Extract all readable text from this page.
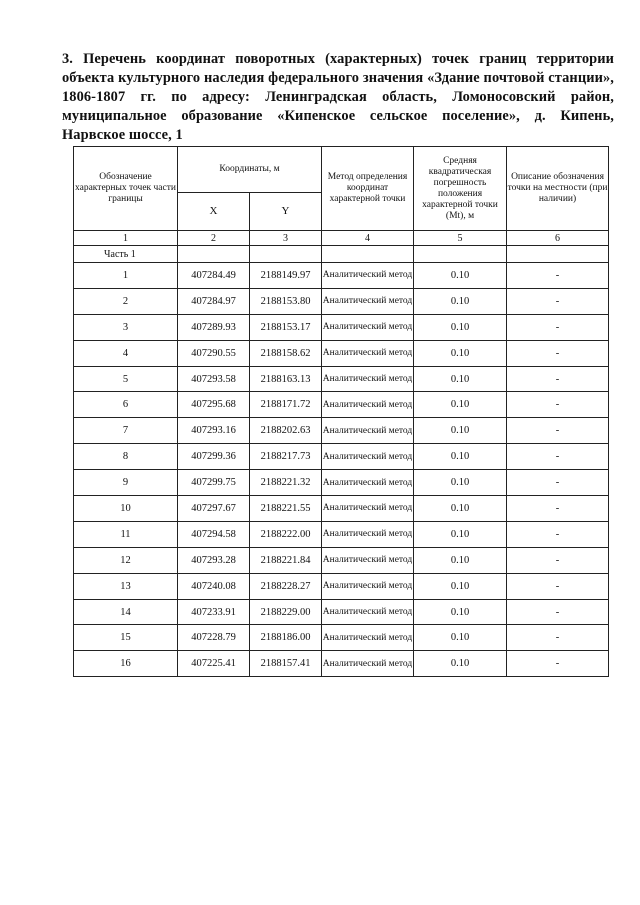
3. Перечень координат поворотных (характерных) точек границ территории объекта культурного наследия федерального значения «Здание почтовой станции», 1806-1807 гг. по адресу: Ленинградская область, Ломоносовский район, муниципальное образование «Кипенское сельское поселение», д. Кипень, Нарвское шоссе, 1
Обозначение характерных точек части границы	Координаты, м		Метод определения координат характерной точки	Средняя квадратическая погрешность положения характерной точки (Mt), м	Описание обозначения точки на местности (при наличии)
	X	Y			
1	2	3	4	5	6
Часть 1					
1	407284.49	2188149.97	Аналитический метод	0.10	-
2	407284.97	2188153.80	Аналитический метод	0.10	-
3	407289.93	2188153.17	Аналитический метод	0.10	-
4	407290.55	2188158.62	Аналитический метод	0.10	-
5	407293.58	2188163.13	Аналитический метод	0.10	-
6	407295.68	2188171.72	Аналитический метод	0.10	-
7	407293.16	2188202.63	Аналитический метод	0.10	-
8	407299.36	2188217.73	Аналитический метод	0.10	-
9	407299.75	2188221.32	Аналитический метод	0.10	-
10	407297.67	2188221.55	Аналитический метод	0.10	-
11	407294.58	2188222.00	Аналитический метод	0.10	-
12	407293.28	2188221.84	Аналитический метод	0.10	-
13	407240.08	2188228.27	Аналитический метод	0.10	-
14	407233.91	2188229.00	Аналитический метод	0.10	-
15	407228.79	2188186.00	Аналитический метод	0.10	-
16	407225.41	2188157.41	Аналитический метод	0.10	-
